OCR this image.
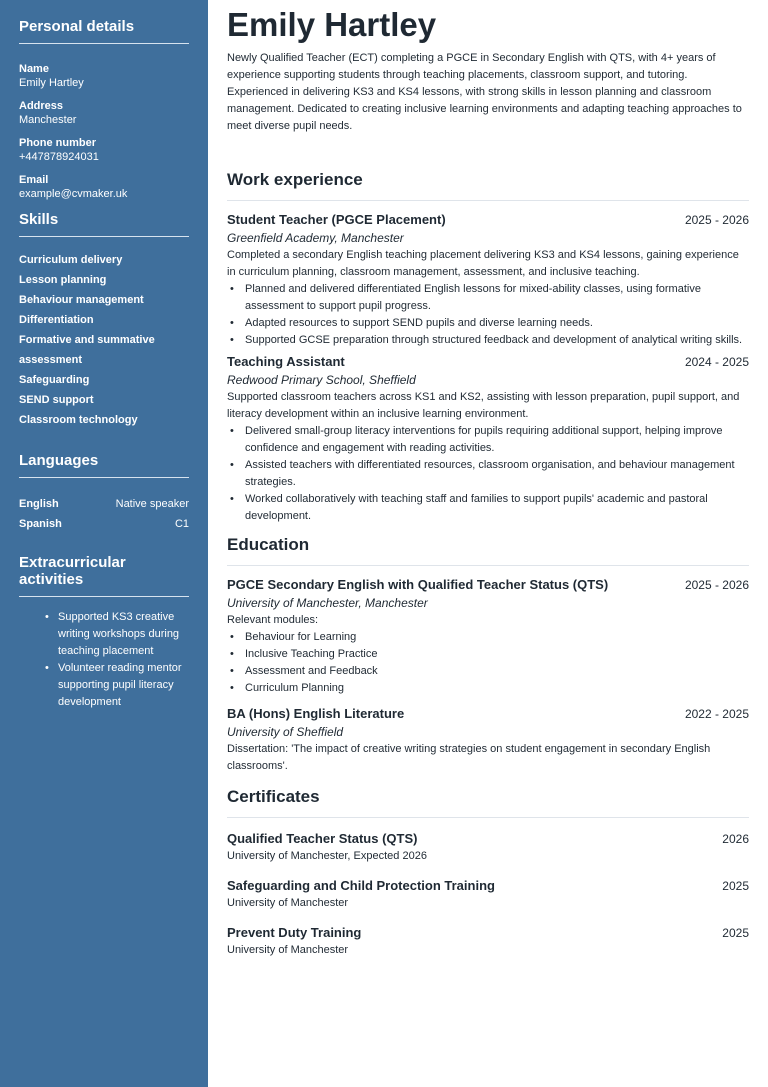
Personal details
Name
Emily Hartley
Address
Manchester
Phone number
+447878924031
Email
example@cvmaker.uk
Skills
Curriculum delivery
Lesson planning
Behaviour management
Differentiation
Formative and summative assessment
Safeguarding
SEND support
Classroom technology
Languages
English	Native speaker
Spanish	C1
Extracurricular activities
• Supported KS3 creative writing workshops during teaching placement
• Volunteer reading mentor supporting pupil literacy development
Emily Hartley
Newly Qualified Teacher (ECT) completing a PGCE in Secondary English with QTS, with 4+ years of experience supporting students through teaching placements, classroom support, and tutoring. Experienced in delivering KS3 and KS4 lessons, with strong skills in lesson planning and classroom management. Dedicated to creating inclusive learning environments and adapting teaching approaches to meet diverse pupil needs.
Work experience
Student Teacher (PGCE Placement)	2025 - 2026
Greenfield Academy, Manchester
Completed a secondary English teaching placement delivering KS3 and KS4 lessons, gaining experience in curriculum planning, classroom management, assessment, and inclusive teaching.
• Planned and delivered differentiated English lessons for mixed-ability classes, using formative assessment to support pupil progress.
• Adapted resources to support SEND pupils and diverse learning needs.
• Supported GCSE preparation through structured feedback and development of analytical writing skills.
Teaching Assistant	2024 - 2025
Redwood Primary School, Sheffield
Supported classroom teachers across KS1 and KS2, assisting with lesson preparation, pupil support, and literacy development within an inclusive learning environment.
• Delivered small-group literacy interventions for pupils requiring additional support, helping improve confidence and engagement with reading activities.
• Assisted teachers with differentiated resources, classroom organisation, and behaviour management strategies.
• Worked collaboratively with teaching staff and families to support pupils' academic and pastoral development.
Education
PGCE Secondary English with Qualified Teacher Status (QTS)	2025 - 2026
University of Manchester, Manchester
Relevant modules:
• Behaviour for Learning
• Inclusive Teaching Practice
• Assessment and Feedback
• Curriculum Planning
BA (Hons) English Literature	2022 - 2025
University of Sheffield
Dissertation: 'The impact of creative writing strategies on student engagement in secondary English classrooms'.
Certificates
Qualified Teacher Status (QTS)	2026
University of Manchester, Expected 2026
Safeguarding and Child Protection Training	2025
University of Manchester
Prevent Duty Training	2025
University of Manchester
